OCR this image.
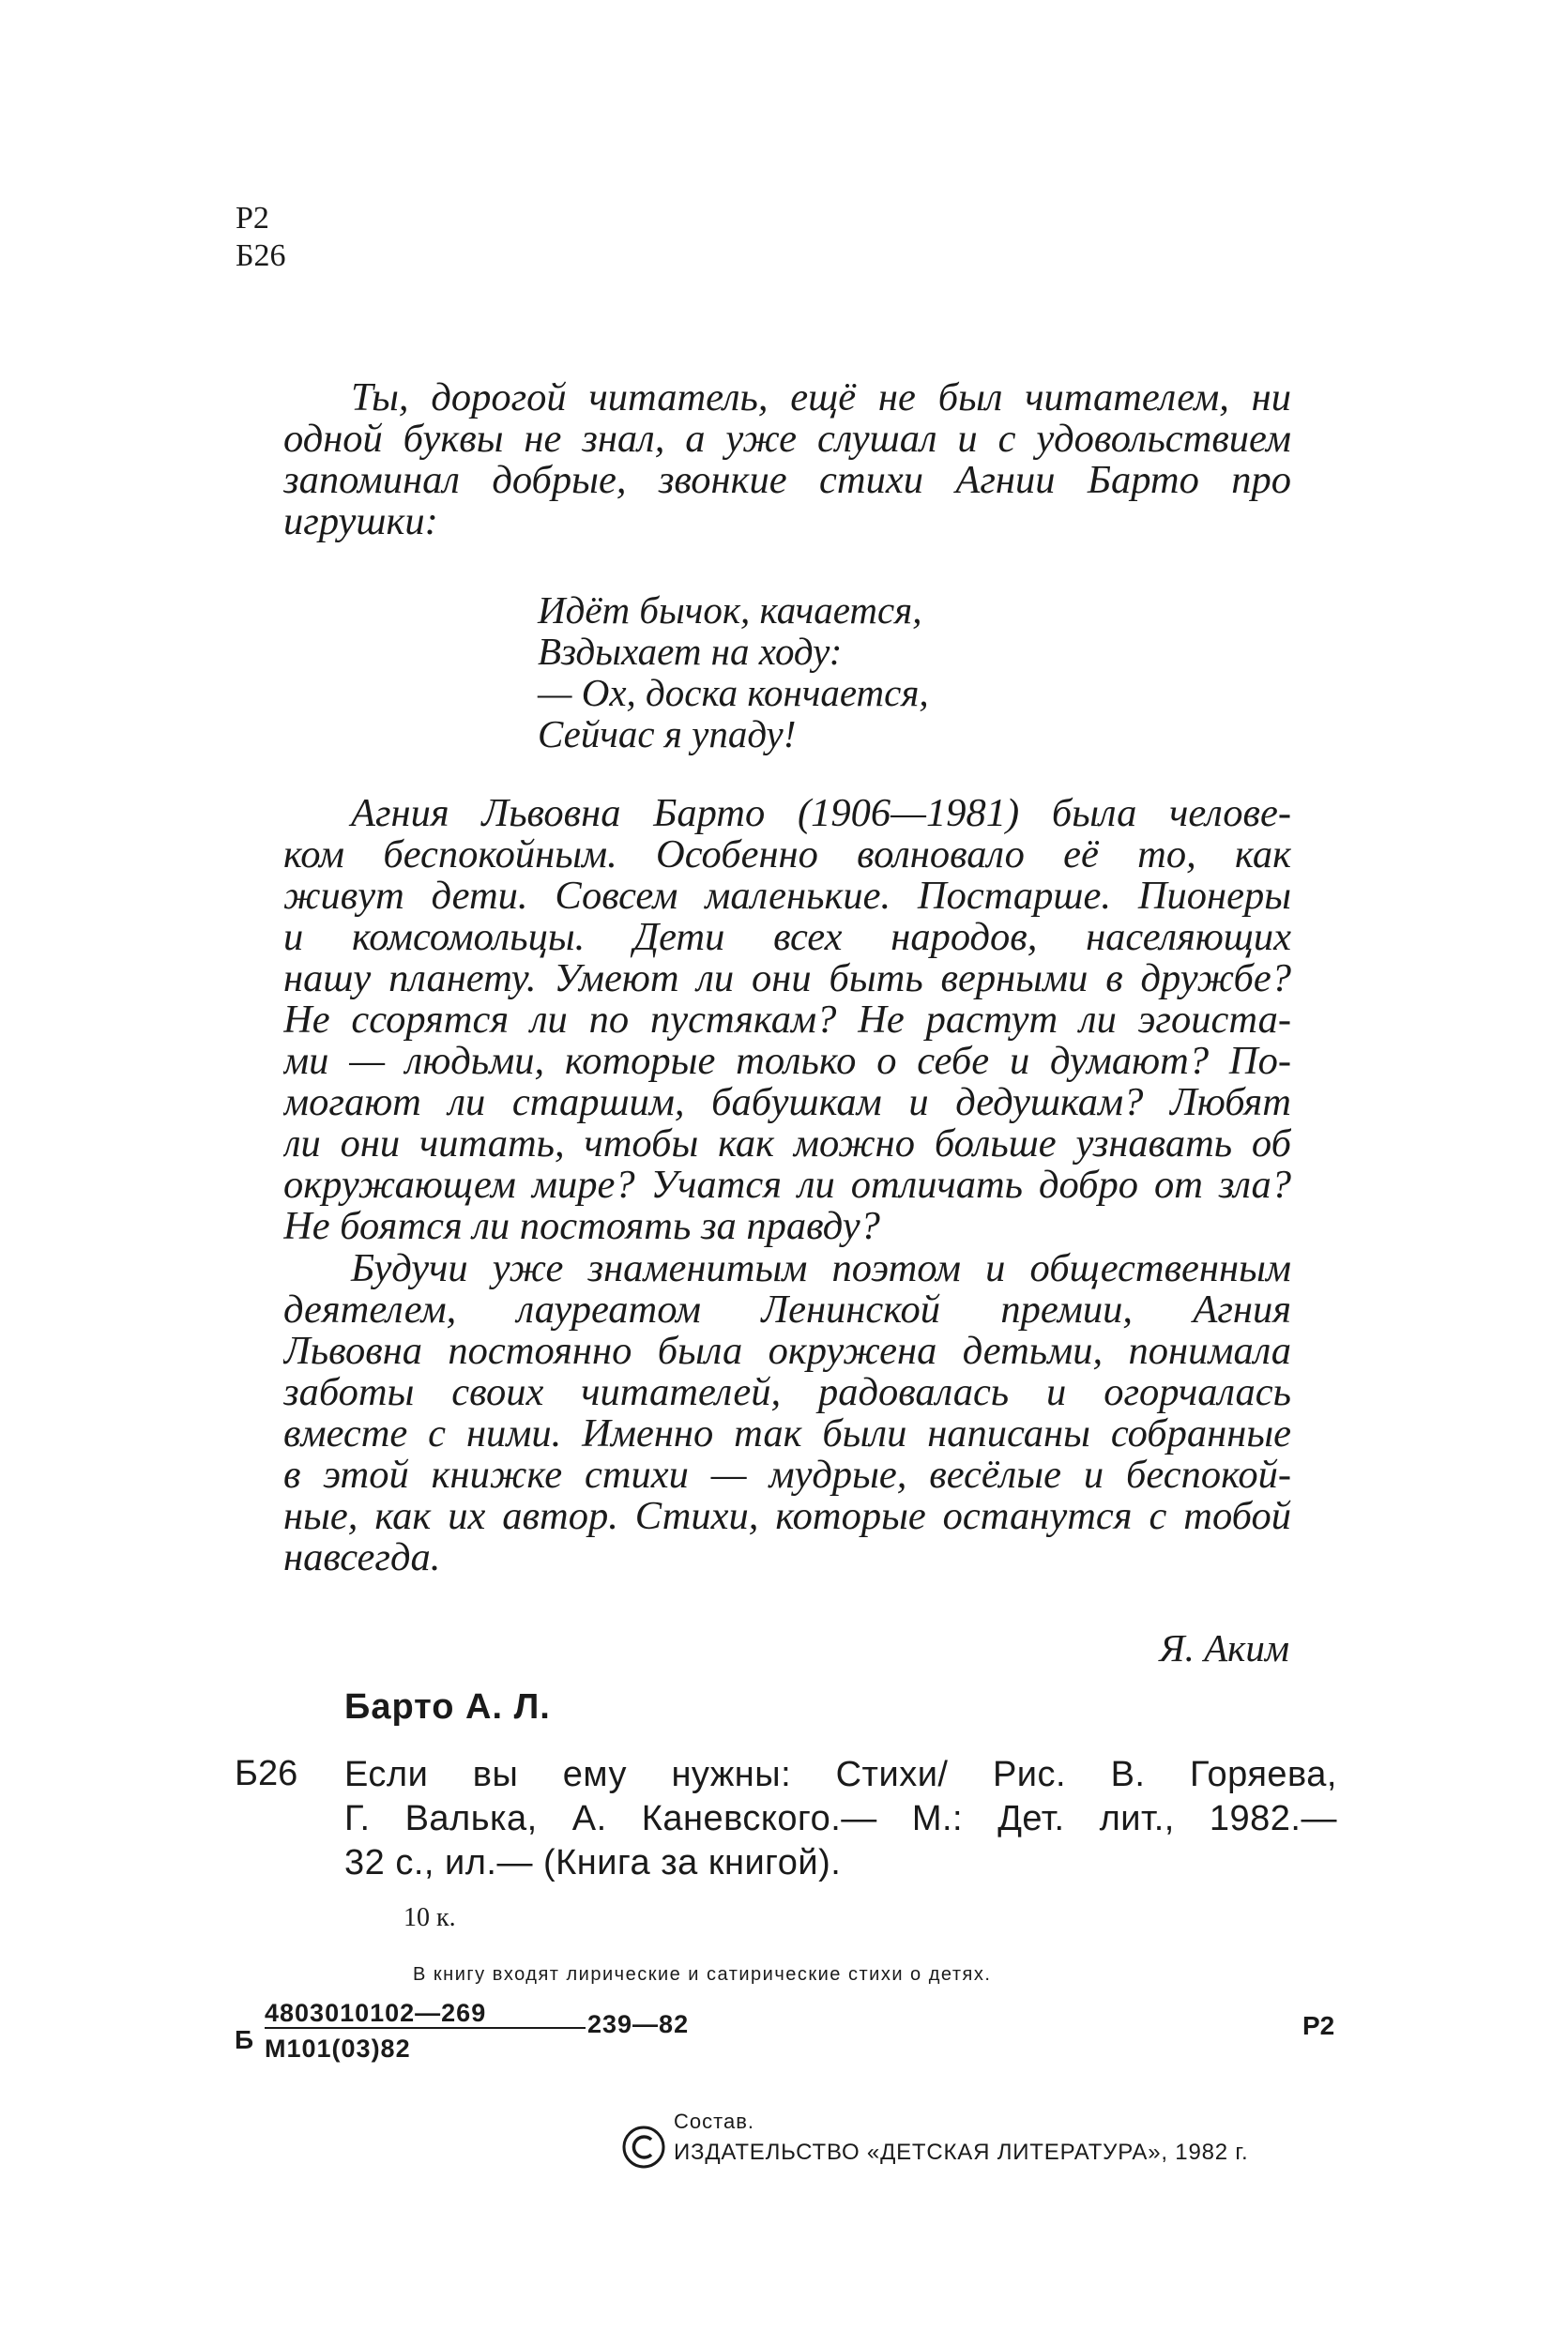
Р2
Б26
Ты, дорогой читатель, ещё не был читателем, ни
одной буквы не знал, а уже слушал и с удовольствием
запоминал добрые, звонкие стихи Агнии Барто про
игрушки:
Идёт бычок, качается,
Вздыхает на ходу:
— Ох, доска кончается,
Сейчас я упаду!
Агния Львовна Барто (1906—1981) была челове-
ком беспокойным. Особенно волновало её то, как
живут дети. Совсем маленькие. Постарше. Пионеры
и комсомольцы. Дети всех народов, населяющих
нашу планету. Умеют ли они быть верными в дружбе?
Не ссорятся ли по пустякам? Не растут ли эгоиста-
ми — людьми, которые только о себе и думают? По-
могают ли старшим, бабушкам и дедушкам? Любят
ли они читать, чтобы как можно больше узнавать об
окружающем мире? Учатся ли отличать добро от зла?
Не боятся ли постоять за правду?
Будучи уже знаменитым поэтом и общественным
деятелем, лауреатом Ленинской премии, Агния
Львовна постоянно была окружена детьми, понимала
заботы своих читателей, радовалась и огорчалась
вместе с ними. Именно так были написаны собранные
в этой книжке стихи — мудрые, весёлые и беспокой-
ные, как их автор. Стихи, которые останутся с тобой
навсегда.
Я. Аким
Барто А. Л.
Б26 Если вы ему нужны: Стихи/ Рис. В. Горяева,
Г. Валька, А. Каневского.— М.: Дет. лит., 1982.—
32 с., ил.— (Книга за книгой).
10 к.
В книгу входят лирические и сатирические стихи о детях.
Б
4803010102—269
М101(03)82
239—82	Р2
Состав.
ИЗДАТЕЛЬСТВО «ДЕТСКАЯ ЛИТЕРАТУРА», 1982 г.
